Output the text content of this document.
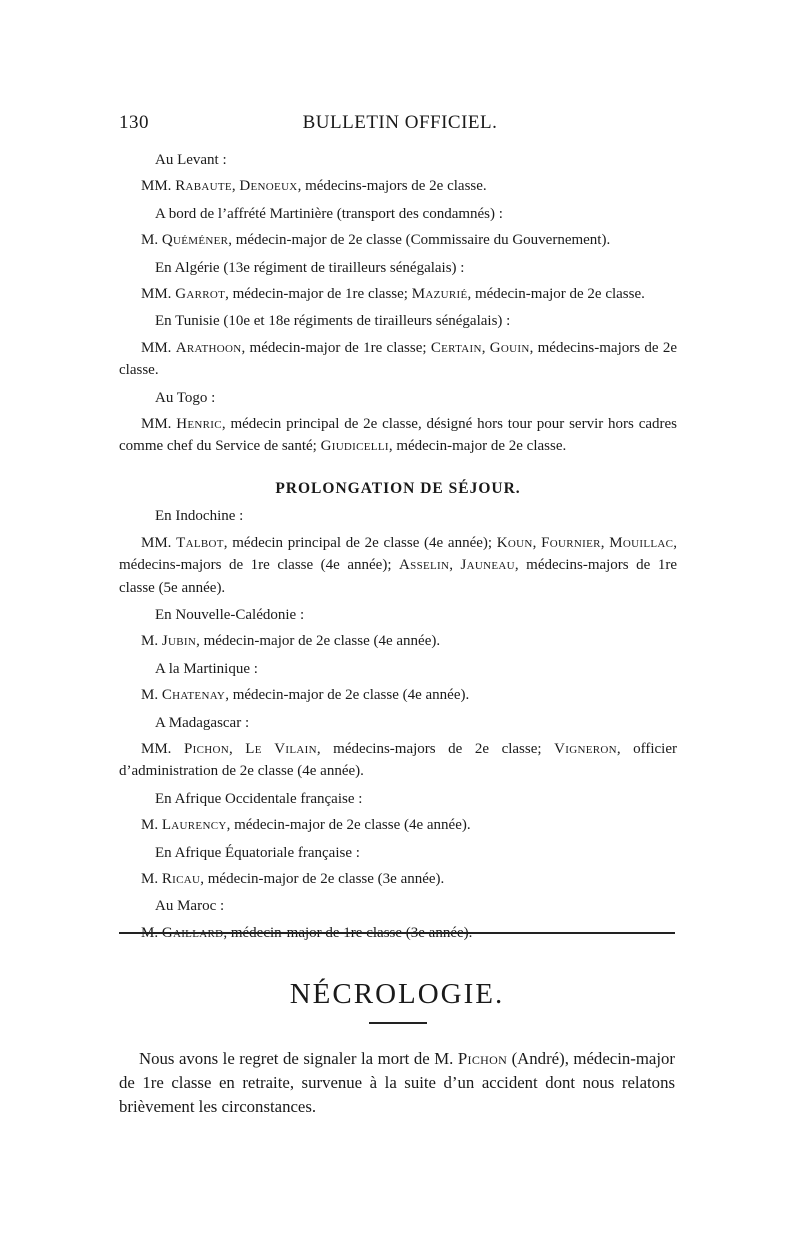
130	BULLETIN OFFICIEL.

Au Levant :

MM. Rabaute, Denoeux, médecins-majors de 2e classe.

A bord de l’affrété Martinière (transport des condamnés) :

M. Quéméner, médecin-major de 2e classe (Commissaire du Gouvernement).

En Algérie (13e régiment de tirailleurs sénégalais) :

MM. Garrot, médecin-major de 1re classe; Mazurié, médecin-major de 2e classe.

En Tunisie (10e et 18e régiments de tirailleurs sénégalais) :

MM. Arathoon, médecin-major de 1re classe; Certain, Gouin, médecins-majors de 2e classe.

Au Togo :

MM. Henric, médecin principal de 2e classe, désigné hors tour pour servir hors cadres comme chef du Service de santé; Giudicelli, médecin-major de 2e classe.

PROLONGATION DE SÉJOUR.

En Indochine :

MM. Talbot, médecin principal de 2e classe (4e année); Koun, Fournier, Mouillac, médecins-majors de 1re classe (4e année); Asselin, Jauneau, médecins-majors de 1re classe (5e année).

En Nouvelle-Calédonie :

M. Jubin, médecin-major de 2e classe (4e année).

A la Martinique :

M. Chatenay, médecin-major de 2e classe (4e année).

A Madagascar :

MM. Pichon, Le Vilain, médecins-majors de 2e classe; Vigneron, officier d’administration de 2e classe (4e année).

En Afrique Occidentale française :

M. Laurency, médecin-major de 2e classe (4e année).

En Afrique Équatoriale française :

M. Ricau, médecin-major de 2e classe (3e année).

Au Maroc :

M. Gaillard, médecin-major de 1re classe (3e année).

NÉCROLOGIE.

Nous avons le regret de signaler la mort de M. Pichon (André), médecin-major de 1re classe en retraite, survenue à la suite d’un accident dont nous relatons brièvement les circonstances.
